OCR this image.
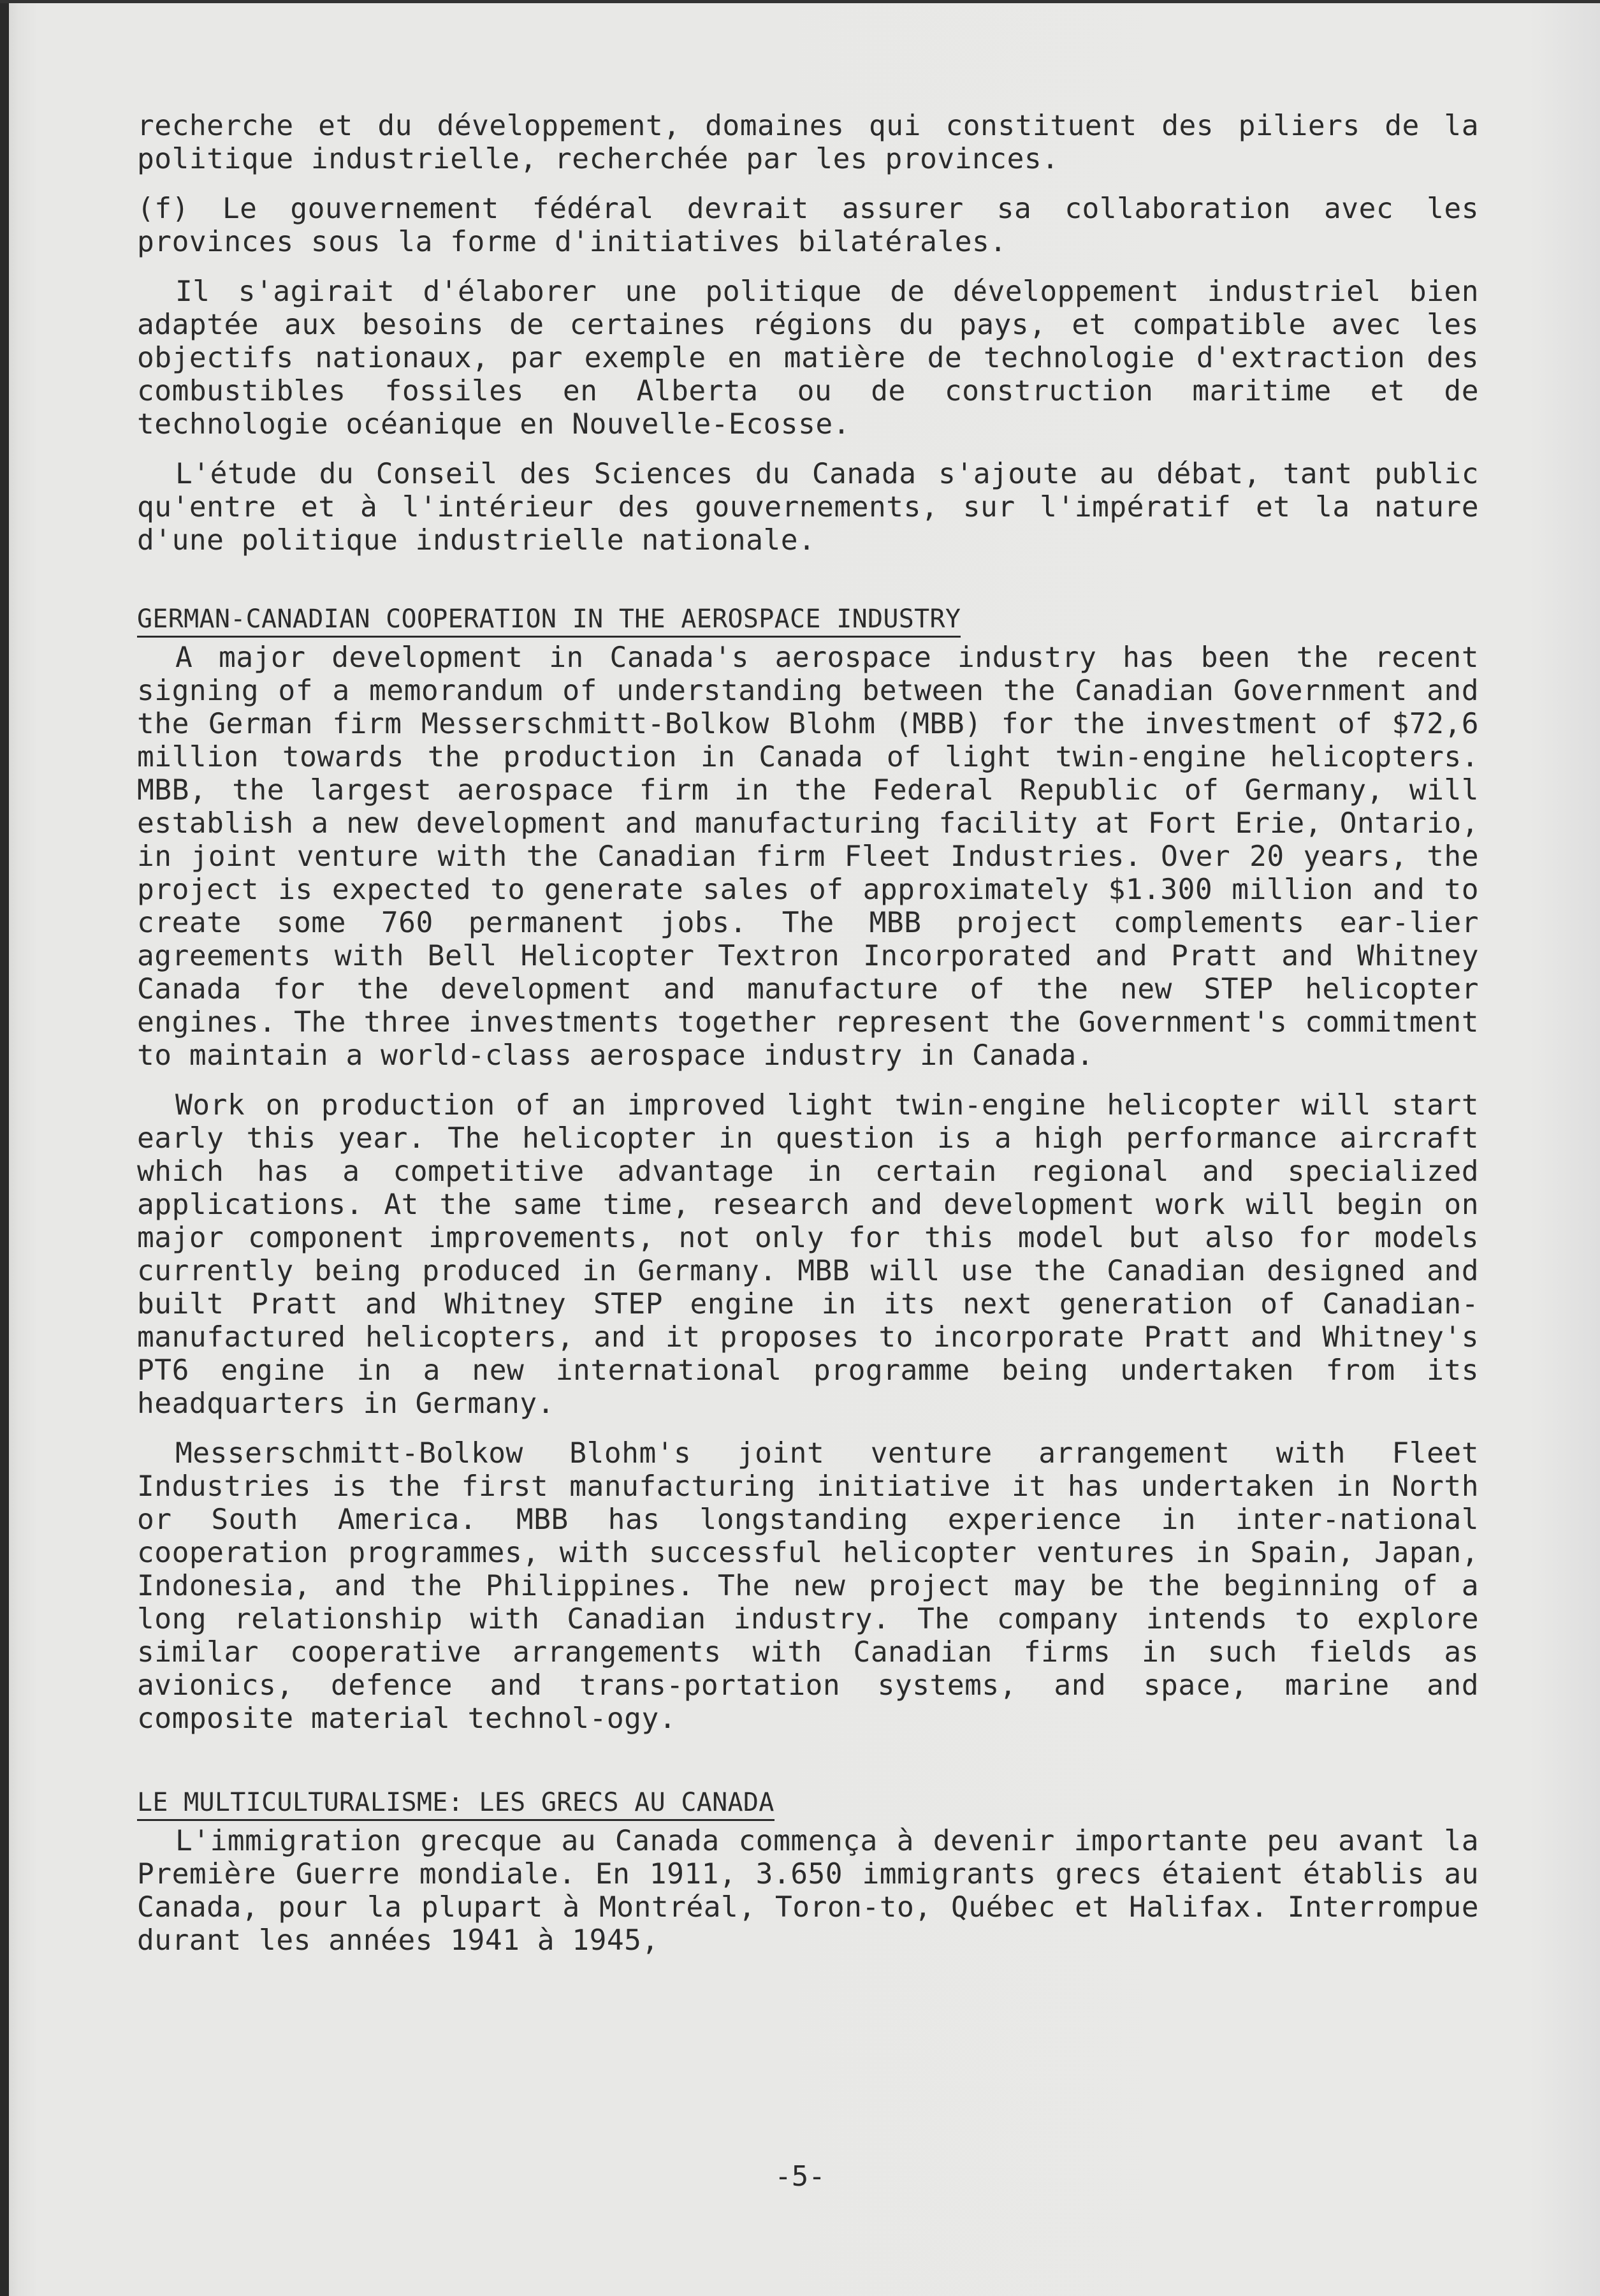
recherche et du développement, domaines qui constituent des piliers de la politique industrielle, recherchée par les provinces.

(f) Le gouvernement fédéral devrait assurer sa collaboration avec les provinces sous la forme d'initiatives bilatérales.

Il s'agirait d'élaborer une politique de développement industriel bien adaptée aux besoins de certaines régions du pays, et compatible avec les objectifs nationaux, par exemple en matière de technologie d'extraction des combustibles fossiles en Alberta ou de construction maritime et de technologie océanique en Nouvelle-Ecosse.

L'étude du Conseil des Sciences du Canada s'ajoute au débat, tant public qu'entre et à l'intérieur des gouvernements, sur l'impératif et la nature d'une politique industrielle nationale.

GERMAN-CANADIAN COOPERATION IN THE AEROSPACE INDUSTRY

A major development in Canada's aerospace industry has been the recent signing of a memorandum of understanding between the Canadian Government and the German firm Messerschmitt-Bolkow Blohm (MBB) for the investment of $72,6 million towards the production in Canada of light twin-engine helicopters. MBB, the largest aerospace firm in the Federal Republic of Germany, will establish a new development and manufacturing facility at Fort Erie, Ontario, in joint venture with the Canadian firm Fleet Industries. Over 20 years, the project is expected to generate sales of approximately $1.300 million and to create some 760 permanent jobs. The MBB project complements ear-lier agreements with Bell Helicopter Textron Incorporated and Pratt and Whitney Canada for the development and manufacture of the new STEP helicopter engines. The three investments together represent the Government's commitment to maintain a world-class aerospace industry in Canada.

Work on production of an improved light twin-engine helicopter will start early this year. The helicopter in question is a high performance aircraft which has a competitive advantage in certain regional and specialized applications. At the same time, research and development work will begin on major component improvements, not only for this model but also for models currently being produced in Germany. MBB will use the Canadian designed and built Pratt and Whitney STEP engine in its next generation of Canadian-manufactured helicopters, and it proposes to incorporate Pratt and Whitney's PT6 engine in a new international programme being undertaken from its headquarters in Germany.

Messerschmitt-Bolkow Blohm's joint venture arrangement with Fleet Industries is the first manufacturing initiative it has undertaken in North or South America. MBB has longstanding experience in inter-national cooperation programmes, with successful helicopter ventures in Spain, Japan, Indonesia, and the Philippines. The new project may be the beginning of a long relationship with Canadian industry. The company intends to explore similar cooperative arrangements with Canadian firms in such fields as avionics, defence and trans-portation systems, and space, marine and composite material technol-ogy.

LE MULTICULTURALISME: LES GRECS AU CANADA

L'immigration grecque au Canada commença à devenir importante peu avant la Première Guerre mondiale. En 1911, 3.650 immigrants grecs étaient établis au Canada, pour la plupart à Montréal, Toron-to, Québec et Halifax. Interrompue durant les années 1941 à 1945,

-5-
